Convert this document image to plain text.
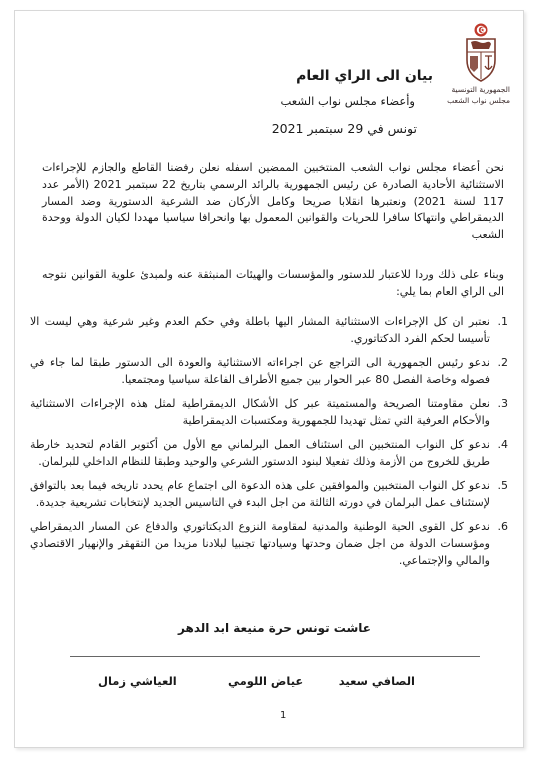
الجمهورية التونسية
مجلس نواب الشعب
بيان الى الراي العام
وأعضاء مجلس نواب الشعب
تونس في 29 سبتمبر 2021
نحن أعضاء مجلس نواب الشعب المنتخبين الممضين اسفله نعلن رفضنا القاطع والجازم للإجراءات الاستثنائية الأحادية الصادرة عن رئيس الجمهورية بالرائد الرسمي بتاريخ 22 سبتمبر 2021 (الأمر عدد 117 لسنة 2021) ونعتبرها انقلابا صريحا وكامل الأركان ضد الشرعية الدستورية وضد المسار الديمقراطي وانتهاكا سافرا للحريات والقوانين المعمول بها وانحرافا سياسيا مهددا لكيان الدولة ووحدة الشعب
وبناء على ذلك وردا للاعتبار للدستور والمؤسسات والهيئات المنبثقة عنه ولمبدئ علوية القوانين نتوجه الى الراي العام بما يلي:
1.
نعتبر ان كل الإجراءات الاستثنائية المشار اليها باطلة وفي حكم العدم وغير شرعية وهي ليست الا تأسيسا لحكم الفرد الدكتاتوري.
2.
ندعو رئيس الجمهورية الى التراجع عن اجراءاته الاستثنائية والعودة الى الدستور طبقا لما جاء في فصوله وخاصة الفصل 80 عبر الحوار بين جميع الأطراف الفاعلة سياسيا ومجتمعيا.
3.
نعلن مقاومتنا الصريحة والمستميتة عبر كل الأشكال الديمقراطية لمثل هذه الإجراءات الاستثنائية والأحكام العرفية التي تمثل تهديدا للجمهورية ومكتسبات الديمقراطية
4.
ندعو كل النواب المنتخبين الى استئناف العمل البرلماني مع الأول من أكتوبر القادم لتحديد خارطة طريق للخروج من الأزمة وذلك تفعيلا لبنود الدستور الشرعي والوحيد وطبقا للنظام الداخلي للبرلمان.
5.
ندعو كل النواب المنتخبين والموافقين على هذه الدعوة الى اجتماع عام يحدد تاريخه فيما بعد بالتوافق لإستئناف عمل البرلمان في دورته الثالثة من اجل البدء في التاسيس الجديد لإنتخابات تشريعية جديدة.
6.
ندعو كل القوى الحية الوطنية والمدنية لمقاومة النزوع الديكتاتوري والدفاع عن المسار الديمقراطي ومؤسسات الدولة من اجل ضمان وحدتها وسيادتها تجنبيا لبلادنا مزيدا من التقهقر والإنهيار الاقتصادي والمالي والإجتماعي.
عاشت تونس حرة منيعة ابد الدهر
الصافي سعيد
عياض اللومي
العياشي زمال
1
